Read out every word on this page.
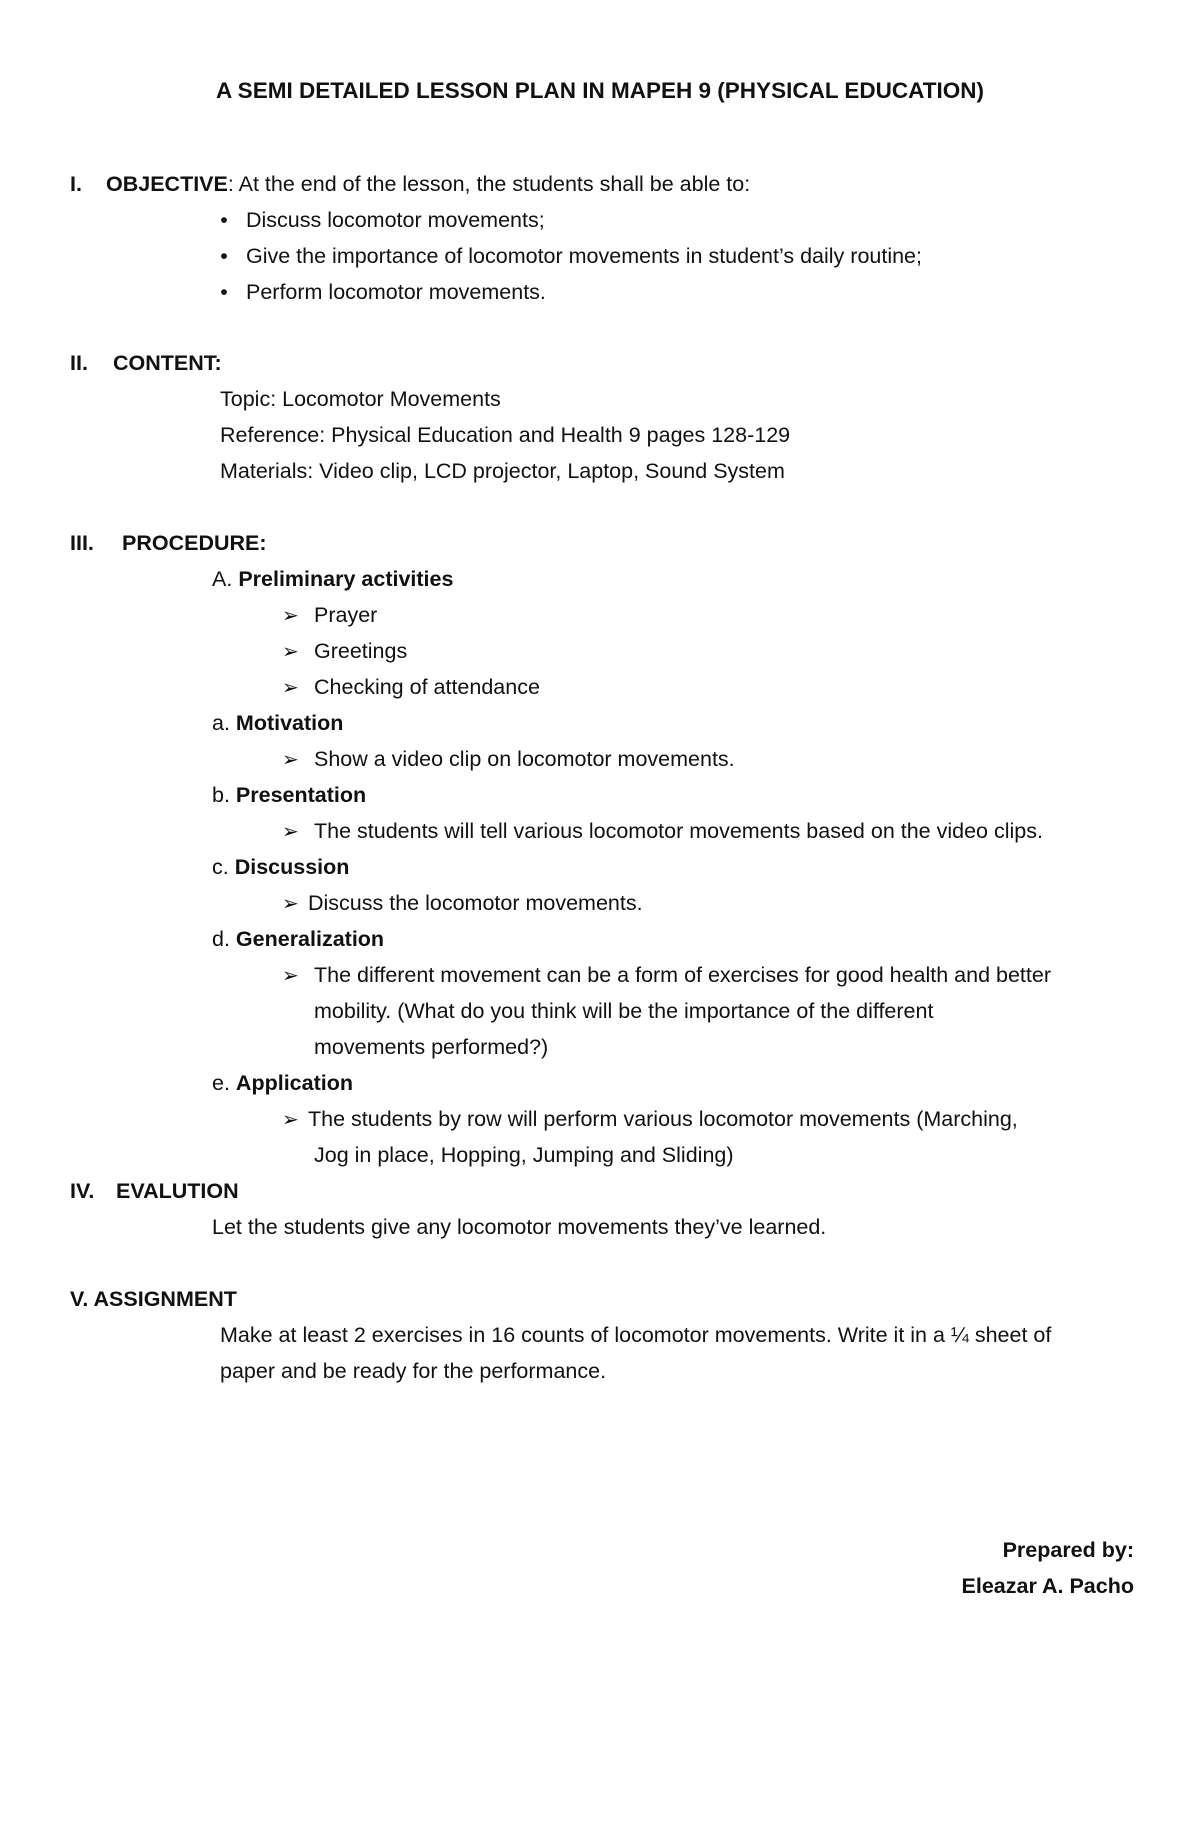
A SEMI DETAILED LESSON PLAN IN MAPEH 9 (PHYSICAL EDUCATION)
I. OBJECTIVE: At the end of the lesson, the students shall be able to:
• Discuss locomotor movements;
• Give the importance of locomotor movements in student’s daily routine;
• Perform locomotor movements.
II. CONTENT:
Topic: Locomotor Movements
Reference: Physical Education and Health 9 pages 128-129
Materials: Video clip, LCD projector, Laptop, Sound System
III. PROCEDURE:
A. Preliminary activities
➢ Prayer
➢ Greetings
➢ Checking of attendance
a. Motivation
➢ Show a video clip on locomotor movements.
b. Presentation
➢ The students will tell various locomotor movements based on the video clips.
c. Discussion
➢ Discuss the locomotor movements.
d. Generalization
➢ The different movement can be a form of exercises for good health and better
mobility. (What do you think will be the importance of the different
movements performed?)
e. Application
➢ The students by row will perform various locomotor movements (Marching,
Jog in place, Hopping, Jumping and Sliding)
IV. EVALUTION
Let the students give any locomotor movements they’ve learned.
V. ASSIGNMENT
Make at least 2 exercises in 16 counts of locomotor movements. Write it in a ¼ sheet of
paper and be ready for the performance.
Prepared by:
Eleazar A. Pacho
